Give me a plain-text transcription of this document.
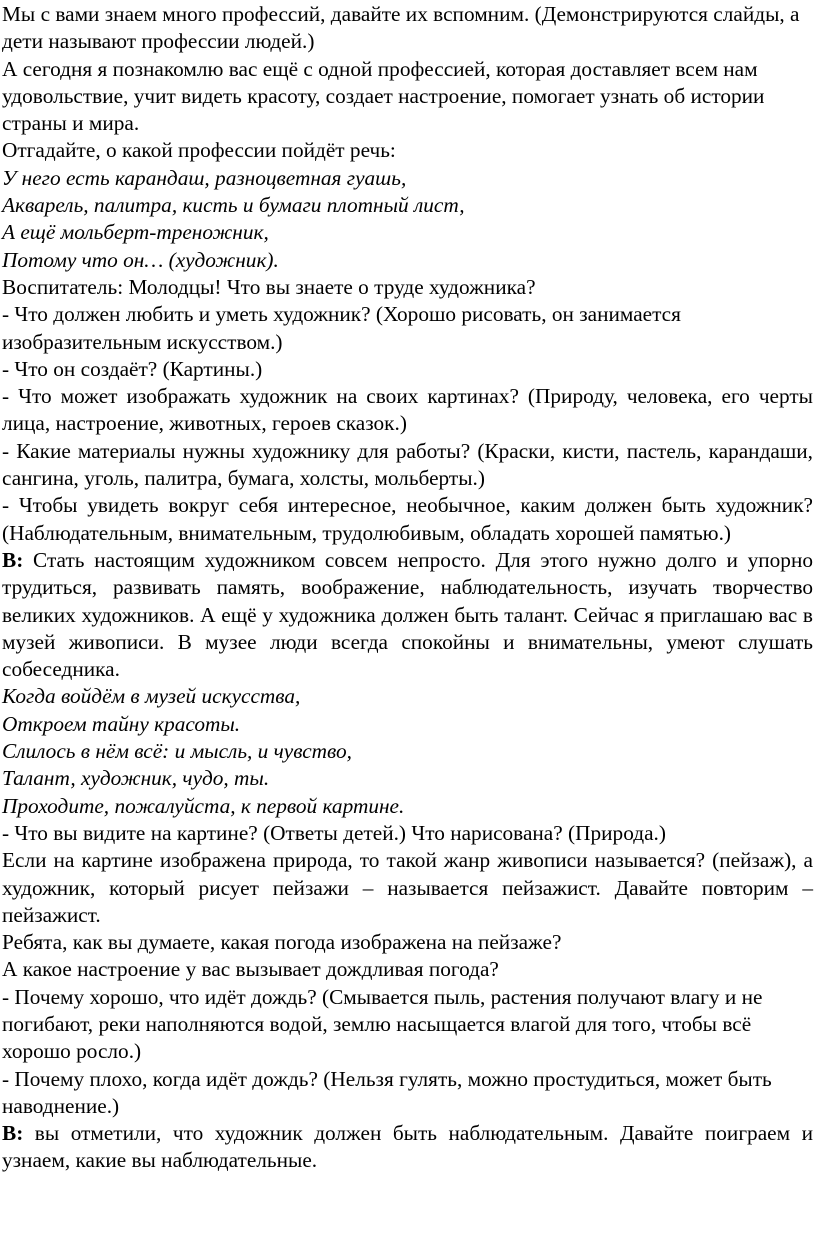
Мы с вами знаем много профессий, давайте их вспомним. (Демонстрируются слайды, а дети называют профессии людей.)

А сегодня я познакомлю вас ещё с одной профессией, которая доставляет всем нам удовольствие, учит видеть красоту, создает настроение, помогает узнать об истории страны и мира.

Отгадайте, о какой профессии пойдёт речь:

У него есть карандаш, разноцветная гуашь,

Акварель, палитра, кисть и бумаги плотный лист,

А ещё мольберт-треножник,

Потому что он… (художник).

Воспитатель: Молодцы! Что вы знаете о труде художника?

- Что должен любить и уметь художник? (Хорошо рисовать, он занимается изобразительным искусством.)

- Что он создаёт? (Картины.)

- Что может изображать художник на своих картинах? (Природу, человека, его черты лица, настроение, животных, героев сказок.)

- Какие материалы нужны художнику для работы? (Краски, кисти, пастель, карандаши, сангина, уголь, палитра, бумага, холсты, мольберты.)

- Чтобы увидеть вокруг себя интересное, необычное, каким должен быть художник? (Наблюдательным, внимательным, трудолюбивым, обладать хорошей памятью.)

В: Стать настоящим художником совсем непросто. Для этого нужно долго и упорно трудиться, развивать память, воображение, наблюдательность, изучать творчество великих художников. А ещё у художника должен быть талант. Сейчас я приглашаю вас в музей живописи. В музее люди всегда спокойны и внимательны, умеют слушать собеседника.

Когда войдём в музей искусства,

Откроем тайну красоты.

Слилось в нём всё: и мысль, и чувство,

Талант, художник, чудо, ты.

Проходите, пожалуйста, к первой картине.

- Что вы видите на картине? (Ответы детей.) Что нарисована? (Природа.)

Если на картине изображена природа, то такой жанр живописи называется? (пейзаж), а художник, который рисует пейзажи – называется пейзажист. Давайте повторим – пейзажист.

Ребята, как вы думаете, какая погода изображена на пейзаже?

А какое настроение у вас вызывает дождливая погода?

- Почему хорошо, что идёт дождь? (Смывается пыль, растения получают влагу и не погибают, реки наполняются водой, землю насыщается влагой для того, чтобы всё хорошо росло.)

- Почему плохо, когда идёт дождь? (Нельзя гулять, можно простудиться, может быть наводнение.)

В: вы отметили, что художник должен быть наблюдательным. Давайте поиграем и узнаем, какие вы наблюдательные.
